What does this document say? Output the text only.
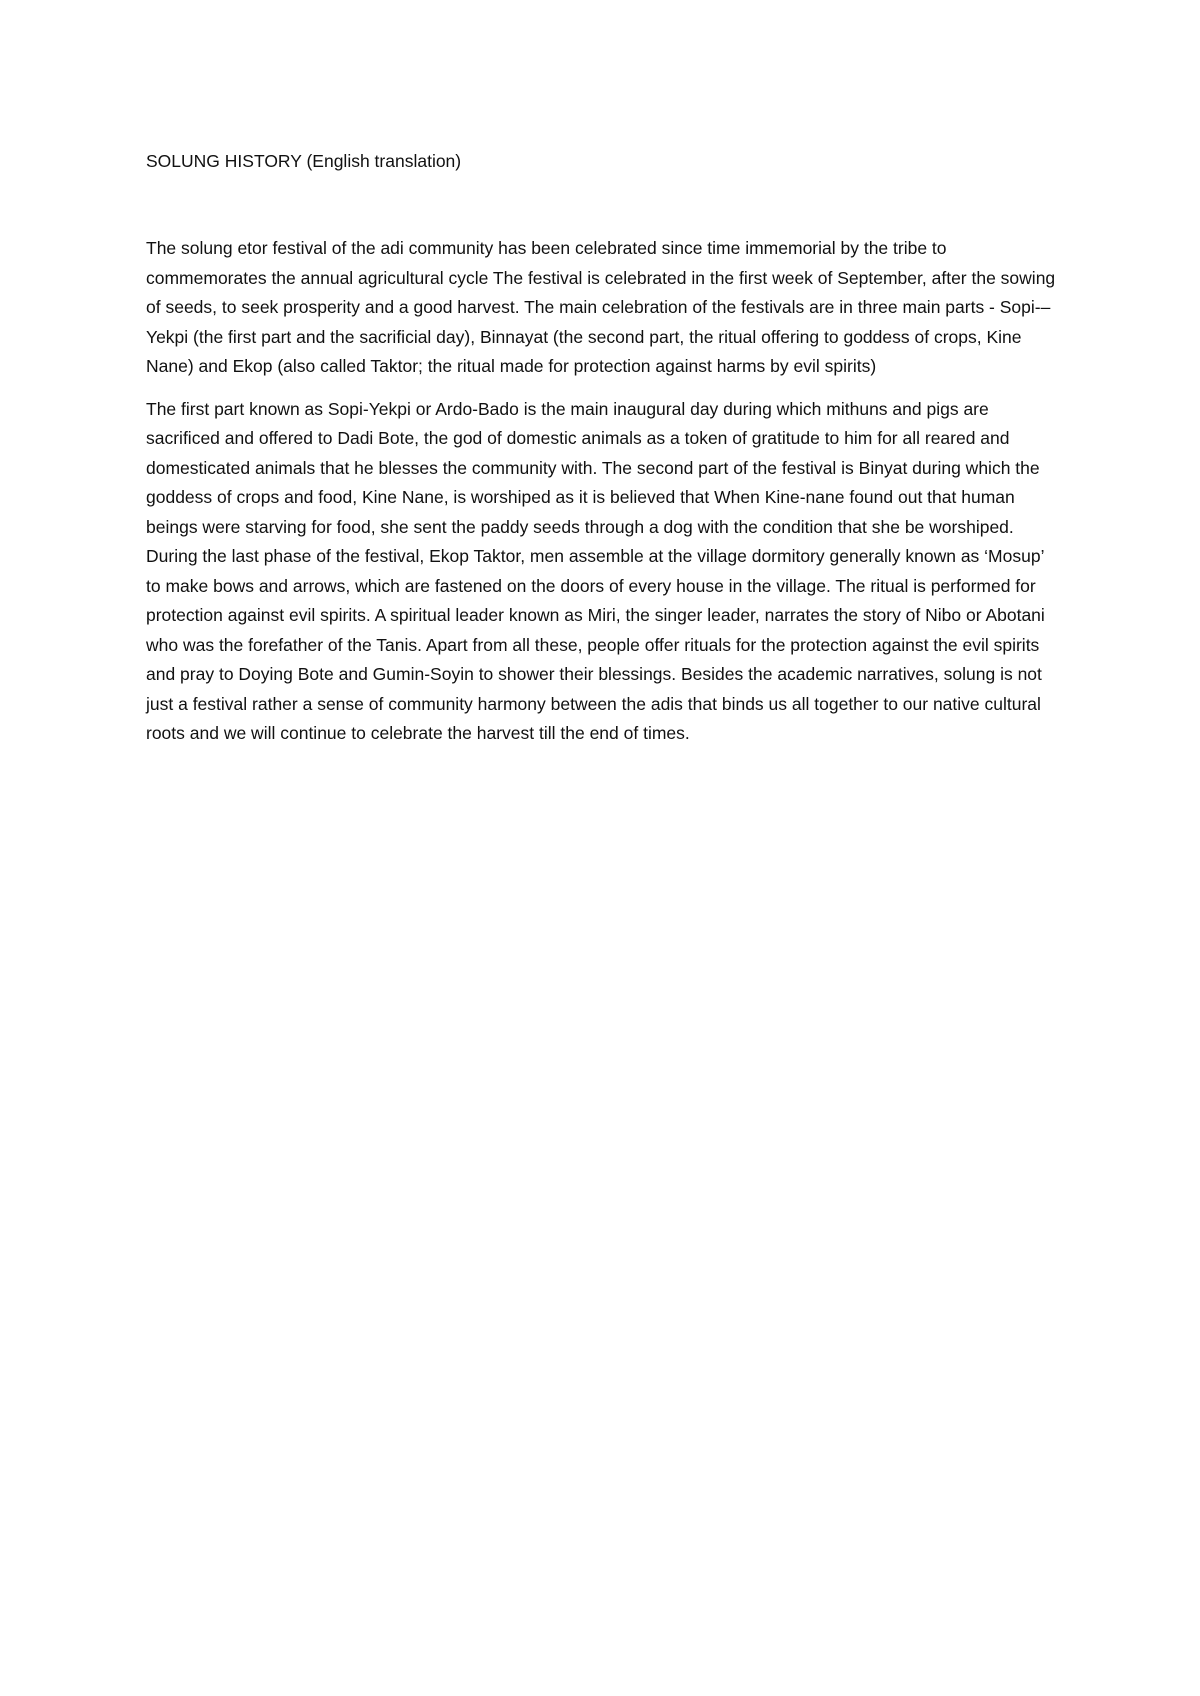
SOLUNG HISTORY (English translation)

The solung etor festival of the adi community has been celebrated since time immemorial by the tribe to commemorates the annual agricultural cycle The festival is celebrated in the first week of September, after the sowing of seeds, to seek prosperity and a good harvest. The main celebration of the festivals are in three main parts - Sopi-–Yekpi (the first part and the sacrificial day), Binnayat (the second part, the ritual offering to goddess of crops, Kine Nane) and Ekop (also called Taktor; the ritual made for protection against harms by evil spirits)

The first part known as Sopi-Yekpi or Ardo-Bado is the main inaugural day during which mithuns and pigs are sacrificed and offered to Dadi Bote, the god of domestic animals as a token of gratitude to him for all reared and domesticated animals that he blesses the community with. The second part of the festival is Binyat during which the goddess of crops and food, Kine Nane, is worshiped as it is believed that When Kine-nane found out that human beings were starving for food, she sent the paddy seeds through a dog with the condition that she be worshiped. During the last phase of the festival, Ekop Taktor, men assemble at the village dormitory generally known as ‘Mosup’ to make bows and arrows, which are fastened on the doors of every house in the village. The ritual is performed for protection against evil spirits. A spiritual leader known as Miri, the singer leader, narrates the story of Nibo or Abotani who was the forefather of the Tanis. Apart from all these, people offer rituals for the protection against the evil spirits and pray to Doying Bote and Gumin-Soyin to shower their blessings. Besides the academic narratives, solung is not just a festival rather a sense of community harmony between the adis that binds us all together to our native cultural roots and we will continue to celebrate the harvest till the end of times.
